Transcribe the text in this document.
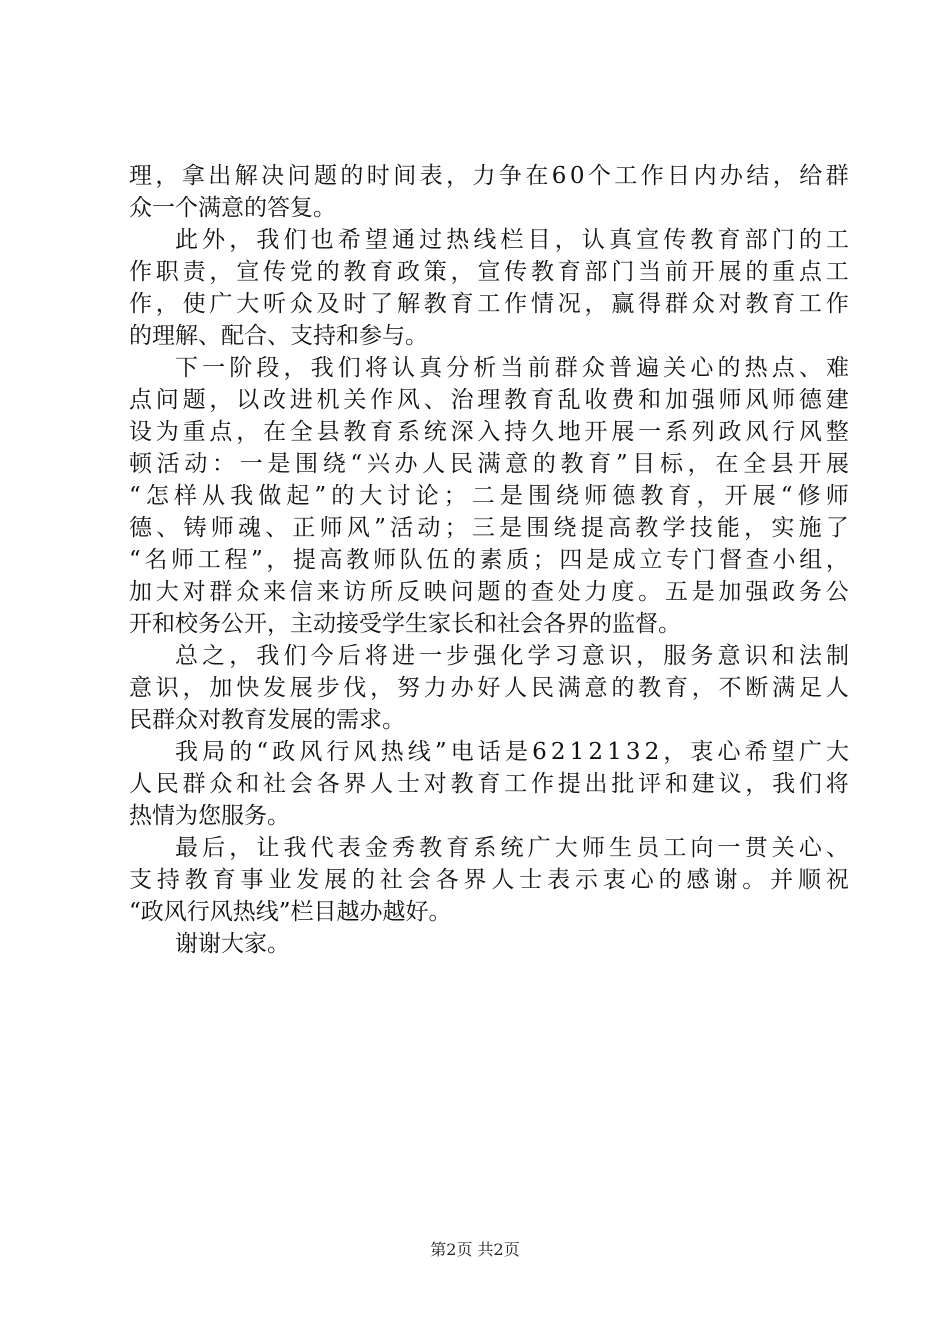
理 ， 拿 出 解 决 问 题 的 时 间 表 ， 力 争 在 6 0 个 工 作 日 内 办 结 ， 给 群
众一个满意的答复。
此 外 ， 我 们 也 希 望 通 过 热 线 栏 目 ， 认 真 宣 传 教 育 部 门 的 工
作 职 责 ， 宣 传 党 的 教 育 政 策 ， 宣 传 教 育 部 门 当 前 开 展 的 重 点 工
作 ， 使 广 大 听 众 及 时 了 解 教 育 工 作 情 况 ， 赢 得 群 众 对 教 育 工 作
的理解、配合、支持和参与。
下 一 阶 段 ， 我 们 将 认 真 分 析 当 前 群 众 普 遍 关 心 的 热 点 、 难
点 问 题 ， 以 改 进 机 关 作 风 、 治 理 教 育 乱 收 费 和 加 强 师 风 师 德 建
设 为 重 点 ， 在 全 县 教 育 系 统 深 入 持 久 地 开 展 一 系 列 政 风 行 风 整
顿 活 动 ： 一 是 围 绕 “ 兴 办 人 民 满 意 的 教 育 ” 目 标 ， 在 全 县 开 展
“ 怎 样 从 我 做 起 ” 的 大 讨 论 ； 二 是 围 绕 师 德 教 育 ， 开 展 “ 修 师
德 、 铸 师 魂 、 正 师 风 ” 活 动 ； 三 是 围 绕 提 高 教 学 技 能 ， 实 施 了
“ 名 师 工 程 ” ， 提 高 教 师 队 伍 的 素 质 ； 四 是 成 立 专 门 督 查 小 组 ，
加 大 对 群 众 来 信 来 访 所 反 映 问 题 的 查 处 力 度 。 五 是 加 强 政 务 公
开和校务公开，主动接受学生家长和社会各界的监督。
总 之 ， 我 们 今 后 将 进 一 步 强 化 学 习 意 识 ， 服 务 意 识 和 法 制
意 识 ， 加 快 发 展 步 伐 ， 努 力 办 好 人 民 满 意 的 教 育 ， 不 断 满 足 人
民群众对教育发展的需求。
我 局 的 “ 政 风 行 风 热 线 ” 电 话 是 6 2 1 2 1 3 2 ， 衷 心 希 望 广 大
人 民 群 众 和 社 会 各 界 人 士 对 教 育 工 作 提 出 批 评 和 建 议 ， 我 们 将
热情为您服务。
最 后 ， 让 我 代 表 金 秀 教 育 系 统 广 大 师 生 员 工 向 一 贯 关 心 、
支 持 教 育 事 业 发 展 的 社 会 各 界 人 士 表 示 衷 心 的 感 谢 。 并 顺 祝
“政风行风热线”栏目越办越好。
谢谢大家。
第2页 共2页
